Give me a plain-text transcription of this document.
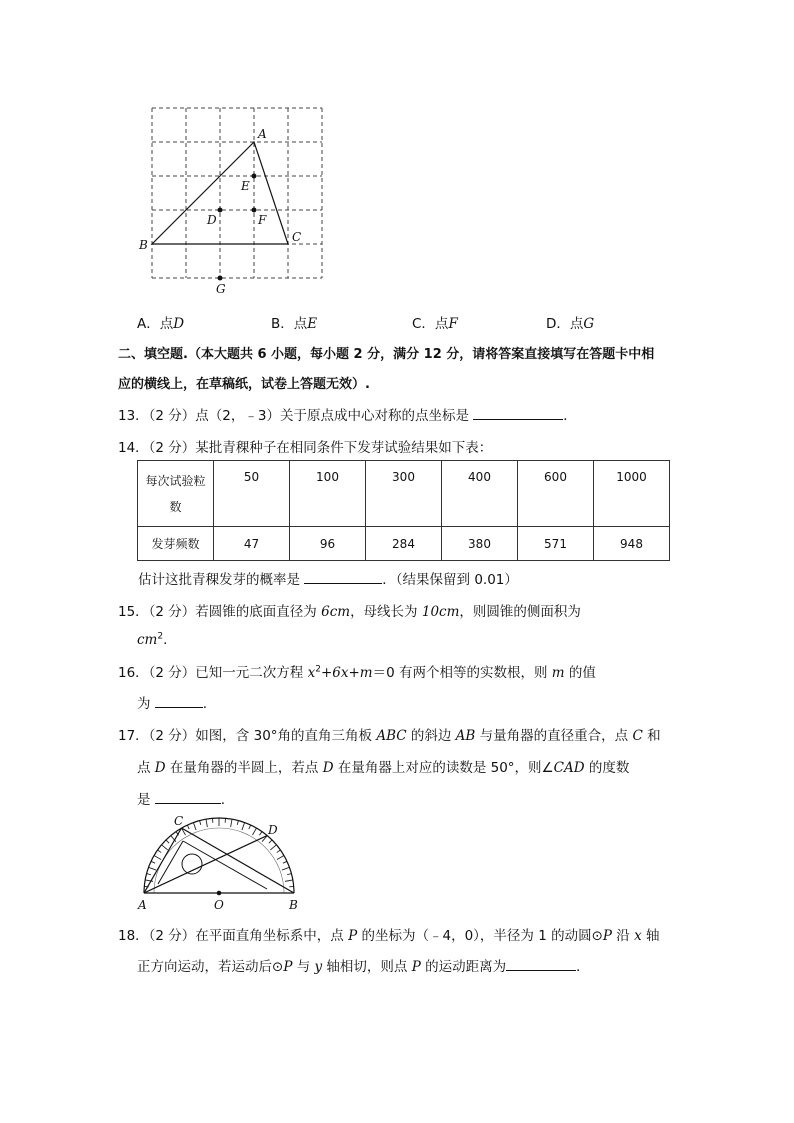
A
B
C
D
E
F
G
A．点D	B．点E	C．点F	D．点G
二、填空题.（本大题共 6 小题，每小题 2 分，满分 12 分，请将答案直接填写在答题卡中相
应的横线上，在草稿纸，试卷上答题无效）.
13．（2 分）点（2，﹣3）关于原点成中心对称的点坐标是	．
14．（2 分）某批青稞种子在相同条件下发芽试验结果如下表：
每次试验粒
数	50	100	300	400	600	1000
发芽频数	47	96	284	380	571	948
估计这批青稞发芽的概率是	．（结果保留到 0.01）
15．（2 分）若圆锥的底面直径为 6cm，母线长为 10cm，则圆锥的侧面积为
$cm^2$.
16．（2 分）已知一元二次方程 $x^2+6x+m=0$ 有两个相等的实数根，则 m 的值
为	.
17．（2 分）如图，含 30°角的直角三角板 ABC 的斜边 AB 与量角器的直径重合，点 C 和
点 D 在量角器的半圆上，若点 D 在量角器上对应的读数是 50°，则∠CAD 的度数
是	.
C
D
A	O	B
18．（2 分）在平面直角坐标系中，点 P 的坐标为（﹣4，0），半径为 1 的动圆⊙P 沿 x 轴
正方向运动，若运动后⊙P 与 y 轴相切，则点 P 的运动距离为	．
